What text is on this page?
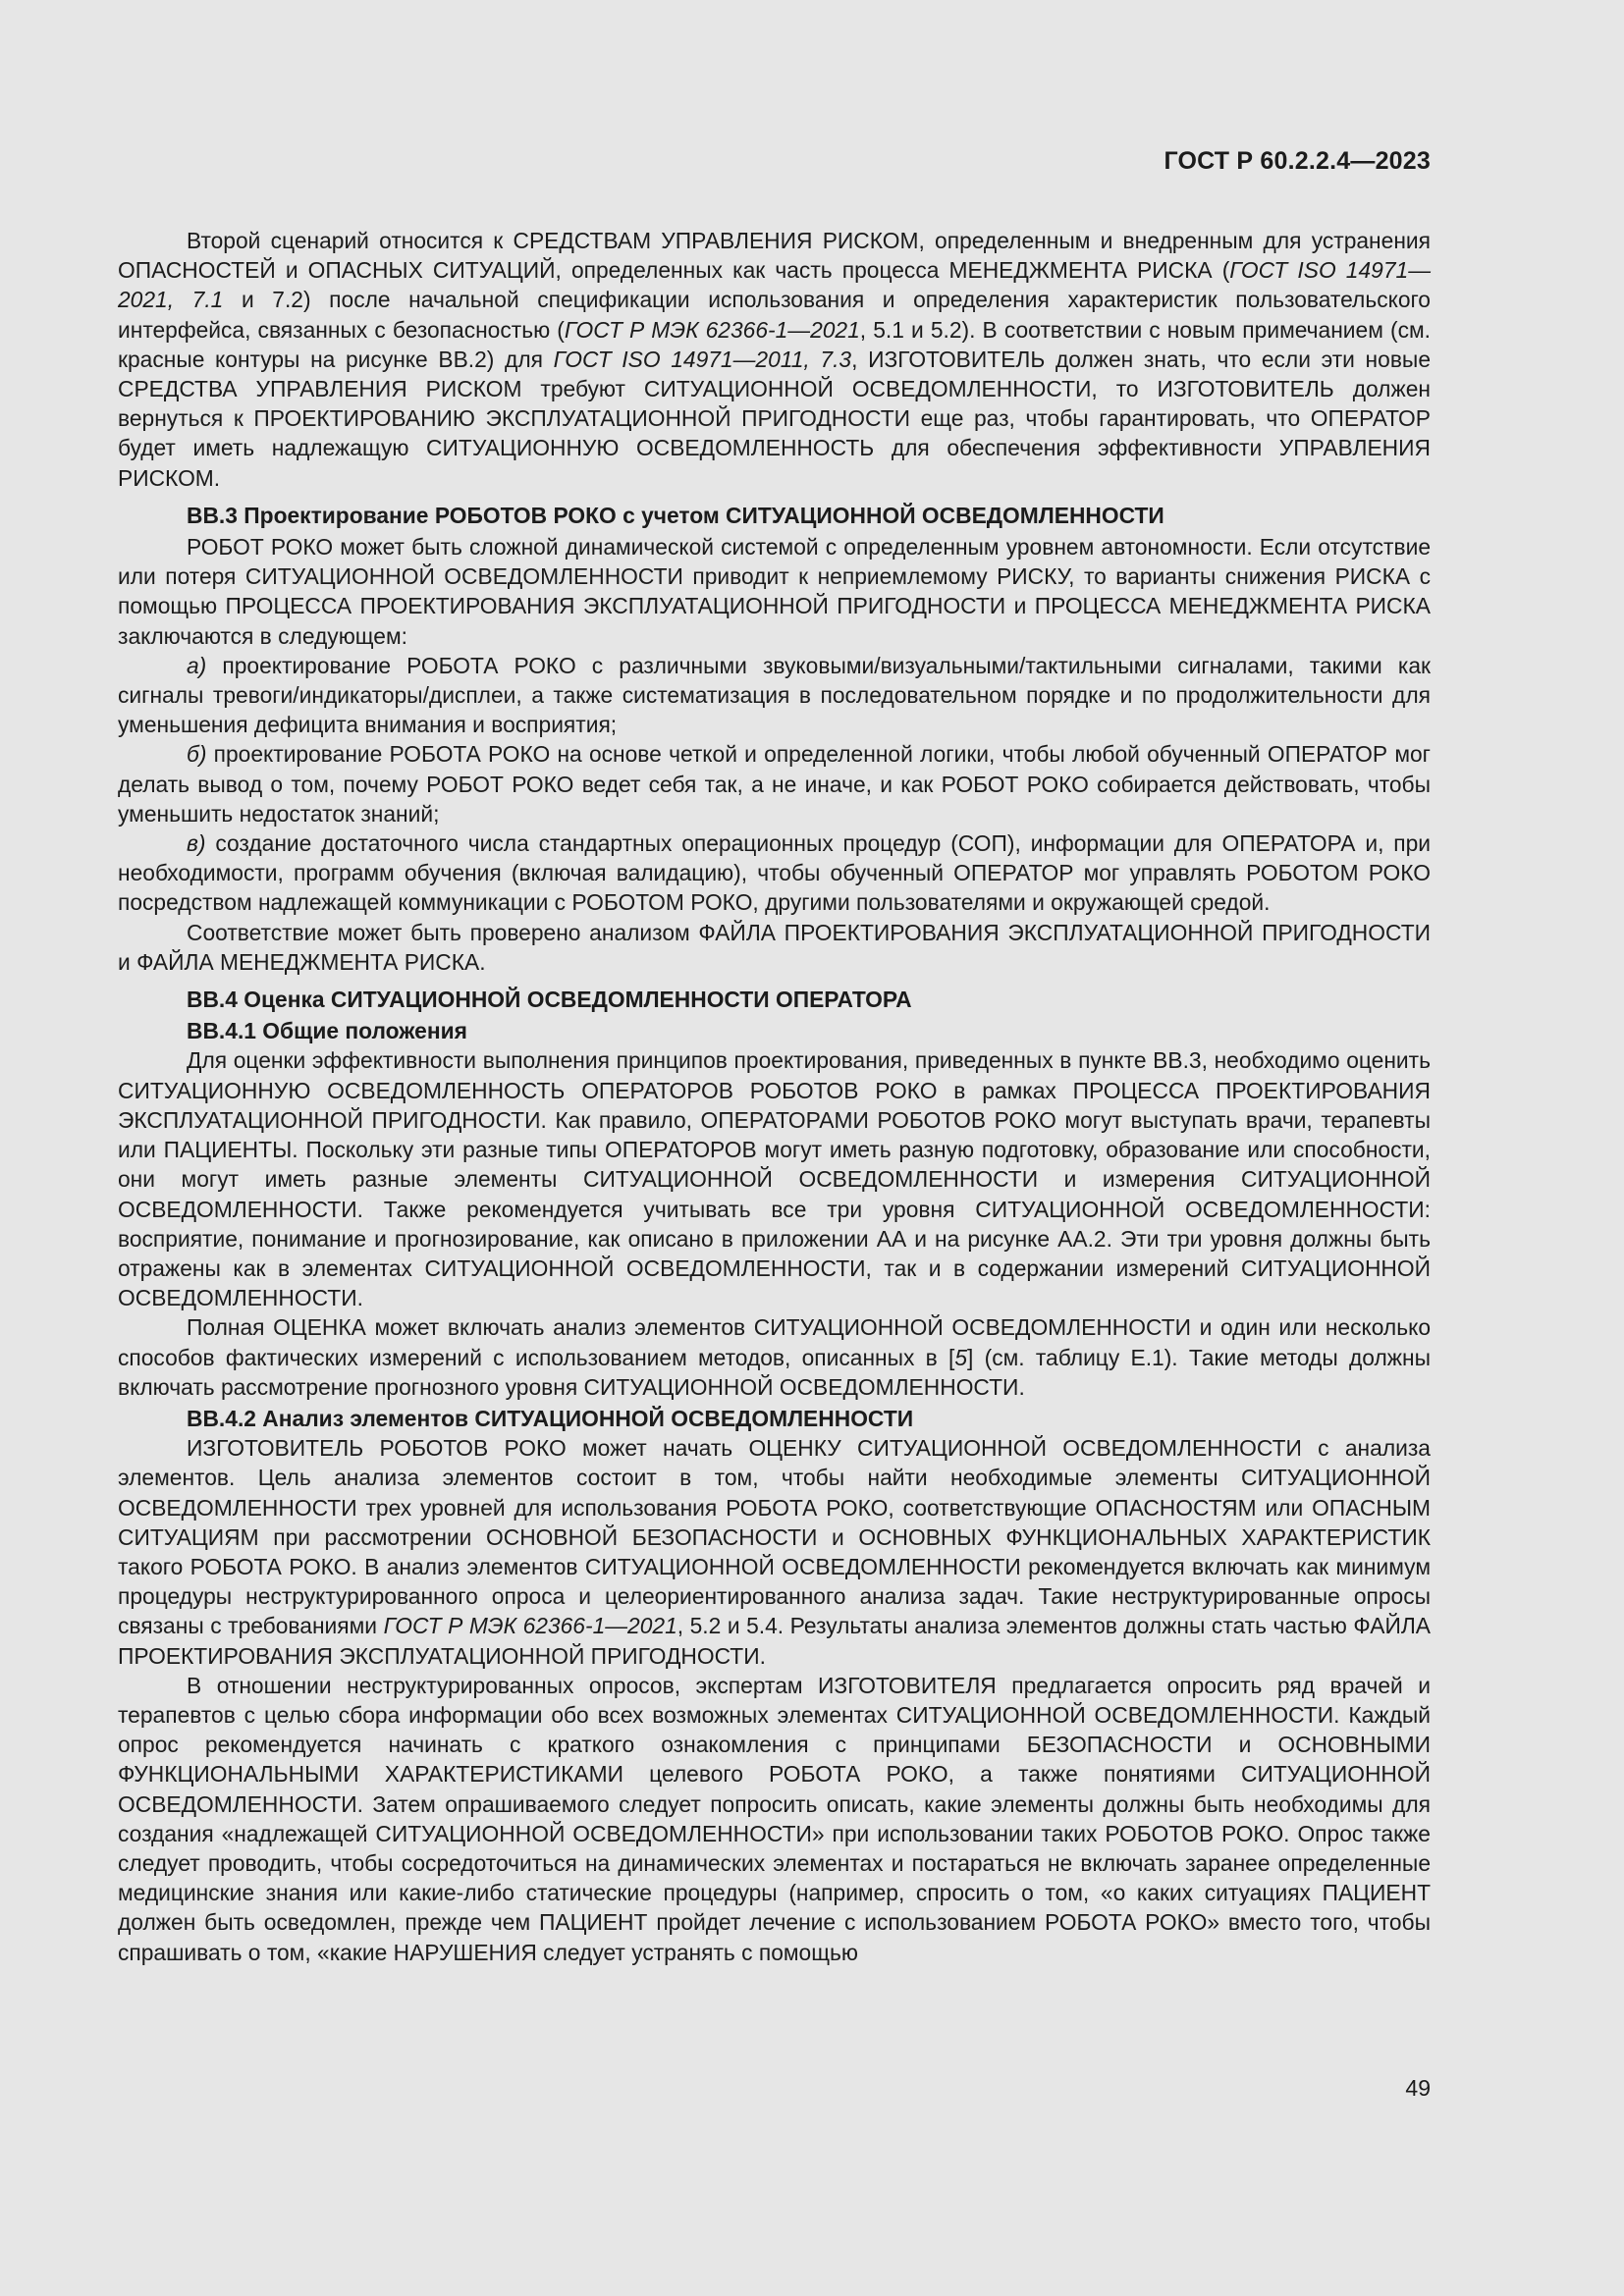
ГОСТ Р 60.2.2.4—2023

Второй сценарий относится к СРЕДСТВАМ УПРАВЛЕНИЯ РИСКОМ, определенным и внедренным для устранения ОПАСНОСТЕЙ и ОПАСНЫХ СИТУАЦИЙ, определенных как часть процесса МЕНЕДЖМЕНТА РИСКА (ГОСТ ISO 14971—2021, 7.1 и 7.2) после начальной спецификации использования и определения характеристик пользовательского интерфейса, связанных с безопасностью (ГОСТ Р МЭК 62366-1—2021, 5.1 и 5.2). В соответствии с новым примечанием (см. красные контуры на рисунке ВВ.2) для ГОСТ ISO 14971—2011, 7.3, ИЗГОТОВИТЕЛЬ должен знать, что если эти новые СРЕДСТВА УПРАВЛЕНИЯ РИСКОМ требуют СИТУАЦИОННОЙ ОСВЕДОМЛЕННОСТИ, то ИЗГОТОВИТЕЛЬ должен вернуться к ПРОЕКТИРОВАНИЮ ЭКСПЛУАТАЦИОННОЙ ПРИГОДНОСТИ еще раз, чтобы гарантировать, что ОПЕРАТОР будет иметь надлежащую СИТУАЦИОННУЮ ОСВЕДОМЛЕННОСТЬ для обеспечения эффективности УПРАВЛЕНИЯ РИСКОМ.

ВВ.3 Проектирование РОБОТОВ РОКО с учетом СИТУАЦИОННОЙ ОСВЕДОМЛЕННОСТИ

РОБОТ РОКО может быть сложной динамической системой с определенным уровнем автономности. Если отсутствие или потеря СИТУАЦИОННОЙ ОСВЕДОМЛЕННОСТИ приводит к неприемлемому РИСКУ, то варианты снижения РИСКА с помощью ПРОЦЕССА ПРОЕКТИРОВАНИЯ ЭКСПЛУАТАЦИОННОЙ ПРИГОДНОСТИ и ПРОЦЕССА МЕНЕДЖМЕНТА РИСКА заключаются в следующем:

а) проектирование РОБОТА РОКО с различными звуковыми/визуальными/тактильными сигналами, такими как сигналы тревоги/индикаторы/дисплеи, а также систематизация в последовательном порядке и по продолжительности для уменьшения дефицита внимания и восприятия;

б) проектирование РОБОТА РОКО на основе четкой и определенной логики, чтобы любой обученный ОПЕРАТОР мог делать вывод о том, почему РОБОТ РОКО ведет себя так, а не иначе, и как РОБОТ РОКО собирается действовать, чтобы уменьшить недостаток знаний;

в) создание достаточного числа стандартных операционных процедур (СОП), информации для ОПЕРАТОРА и, при необходимости, программ обучения (включая валидацию), чтобы обученный ОПЕРАТОР мог управлять РОБОТОМ РОКО посредством надлежащей коммуникации с РОБОТОМ РОКО, другими пользователями и окружающей средой.

Соответствие может быть проверено анализом ФАЙЛА ПРОЕКТИРОВАНИЯ ЭКСПЛУАТАЦИОННОЙ ПРИГОДНОСТИ и ФАЙЛА МЕНЕДЖМЕНТА РИСКА.

ВВ.4 Оценка СИТУАЦИОННОЙ ОСВЕДОМЛЕННОСТИ ОПЕРАТОРА

ВВ.4.1 Общие положения

Для оценки эффективности выполнения принципов проектирования, приведенных в пункте ВВ.3, необходимо оценить СИТУАЦИОННУЮ ОСВЕДОМЛЕННОСТЬ ОПЕРАТОРОВ РОБОТОВ РОКО в рамках ПРОЦЕССА ПРОЕКТИРОВАНИЯ ЭКСПЛУАТАЦИОННОЙ ПРИГОДНОСТИ. Как правило, ОПЕРАТОРАМИ РОБОТОВ РОКО могут выступать врачи, терапевты или ПАЦИЕНТЫ. Поскольку эти разные типы ОПЕРАТОРОВ могут иметь разную подготовку, образование или способности, они могут иметь разные элементы СИТУАЦИОННОЙ ОСВЕДОМЛЕННОСТИ и измерения СИТУАЦИОННОЙ ОСВЕДОМЛЕННОСТИ. Также рекомендуется учитывать все три уровня СИТУАЦИОННОЙ ОСВЕДОМЛЕННОСТИ: восприятие, понимание и прогнозирование, как описано в приложении АА и на рисунке АА.2. Эти три уровня должны быть отражены как в элементах СИТУАЦИОННОЙ ОСВЕДОМЛЕННОСТИ, так и в содержании измерений СИТУАЦИОННОЙ ОСВЕДОМЛЕННОСТИ.

Полная ОЦЕНКА может включать анализ элементов СИТУАЦИОННОЙ ОСВЕДОМЛЕННОСТИ и один или несколько способов фактических измерений с использованием методов, описанных в [5] (см. таблицу Е.1). Такие методы должны включать рассмотрение прогнозного уровня СИТУАЦИОННОЙ ОСВЕДОМЛЕННОСТИ.

ВВ.4.2 Анализ элементов СИТУАЦИОННОЙ ОСВЕДОМЛЕННОСТИ

ИЗГОТОВИТЕЛЬ РОБОТОВ РОКО может начать ОЦЕНКУ СИТУАЦИОННОЙ ОСВЕДОМЛЕННОСТИ с анализа элементов. Цель анализа элементов состоит в том, чтобы найти необходимые элементы СИТУАЦИОННОЙ ОСВЕДОМЛЕННОСТИ трех уровней для использования РОБОТА РОКО, соответствующие ОПАСНОСТЯМ или ОПАСНЫМ СИТУАЦИЯМ при рассмотрении ОСНОВНОЙ БЕЗОПАСНОСТИ и ОСНОВНЫХ ФУНКЦИОНАЛЬНЫХ ХАРАКТЕРИСТИК такого РОБОТА РОКО. В анализ элементов СИТУАЦИОННОЙ ОСВЕДОМЛЕННОСТИ рекомендуется включать как минимум процедуры неструктурированного опроса и целеориентированного анализа задач. Такие неструктурированные опросы связаны с требованиями ГОСТ Р МЭК 62366-1—2021, 5.2 и 5.4. Результаты анализа элементов должны стать частью ФАЙЛА ПРОЕКТИРОВАНИЯ ЭКСПЛУАТАЦИОННОЙ ПРИГОДНОСТИ.

В отношении неструктурированных опросов, экспертам ИЗГОТОВИТЕЛЯ предлагается опросить ряд врачей и терапевтов с целью сбора информации обо всех возможных элементах СИТУАЦИОННОЙ ОСВЕДОМЛЕННОСТИ. Каждый опрос рекомендуется начинать с краткого ознакомления с принципами БЕЗОПАСНОСТИ и ОСНОВНЫМИ ФУНКЦИОНАЛЬНЫМИ ХАРАКТЕРИСТИКАМИ целевого РОБОТА РОКО, а также понятиями СИТУАЦИОННОЙ ОСВЕДОМЛЕННОСТИ. Затем опрашиваемого следует попросить описать, какие элементы должны быть необходимы для создания «надлежащей СИТУАЦИОННОЙ ОСВЕДОМЛЕННОСТИ» при использовании таких РОБОТОВ РОКО. Опрос также следует проводить, чтобы сосредоточиться на динамических элементах и постараться не включать заранее определенные медицинские знания или какие-либо статические процедуры (например, спросить о том, «о каких ситуациях ПАЦИЕНТ должен быть осведомлен, прежде чем ПАЦИЕНТ пройдет лечение с использованием РОБОТА РОКО» вместо того, чтобы спрашивать о том, «какие НАРУШЕНИЯ следует устранять с помощью

49
